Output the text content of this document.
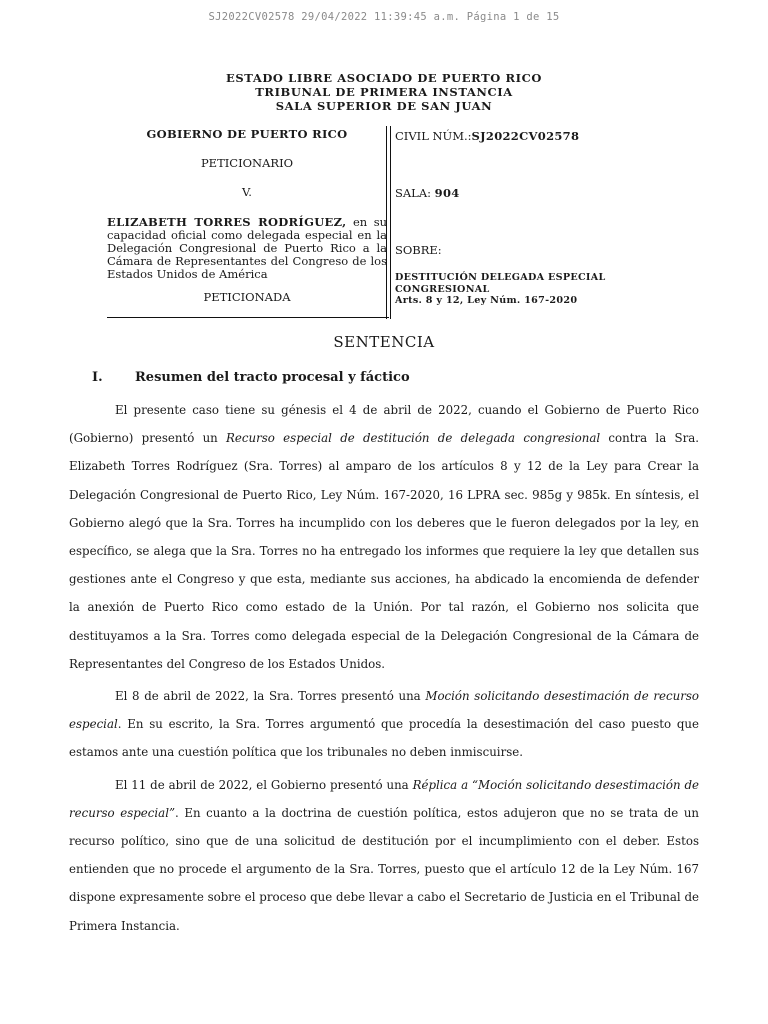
SJ2022CV02578 29/04/2022 11:39:45 a.m. Página 1 de 15
ESTADO LIBRE ASOCIADO DE PUERTO RICO
TRIBUNAL DE PRIMERA INSTANCIA
SALA SUPERIOR DE SAN JUAN
GOBIERNO DE PUERTO RICO
PETICIONARIO
V.
ELIZABETH TORRES RODRÍGUEZ, en su capacidad oficial como delegada especial en la Delegación Congresional de Puerto Rico a la Cámara de Representantes del Congreso de los Estados Unidos de América
PETICIONADA
CIVIL NÚM.:SJ2022CV02578
SALA: 904
SOBRE:
DESTITUCIÓN DELEGADA ESPECIAL
CONGRESIONAL
Arts. 8 y 12, Ley Núm. 167-2020
SENTENCIA
I. Resumen del tracto procesal y fáctico

El presente caso tiene su génesis el 4 de abril de 2022, cuando el Gobierno de Puerto Rico (Gobierno) presentó un Recurso especial de destitución de delegada congresional contra la Sra. Elizabeth Torres Rodríguez (Sra. Torres) al amparo de los artículos 8 y 12 de la Ley para Crear la Delegación Congresional de Puerto Rico, Ley Núm. 167-2020, 16 LPRA sec. 985g y 985k. En síntesis, el Gobierno alegó que la Sra. Torres ha incumplido con los deberes que le fueron delegados por la ley, en específico, se alega que la Sra. Torres no ha entregado los informes que requiere la ley que detallen sus gestiones ante el Congreso y que esta, mediante sus acciones, ha abdicado la encomienda de defender la anexión de Puerto Rico como estado de la Unión. Por tal razón, el Gobierno nos solicita que destituyamos a la Sra. Torres como delegada especial de la Delegación Congresional de la Cámara de Representantes del Congreso de los Estados Unidos.

El 8 de abril de 2022, la Sra. Torres presentó una Moción solicitando desestimación de recurso especial. En su escrito, la Sra. Torres argumentó que procedía la desestimación del caso puesto que estamos ante una cuestión política que los tribunales no deben inmiscuirse.

El 11 de abril de 2022, el Gobierno presentó una Réplica a “Moción solicitando desestimación de recurso especial”. En cuanto a la doctrina de cuestión política, estos adujeron que no se trata de un recurso político, sino que de una solicitud de destitución por el incumplimiento con el deber. Estos entienden que no procede el argumento de la Sra. Torres, puesto que el artículo 12 de la Ley Núm. 167 dispone expresamente sobre el proceso que debe llevar a cabo el Secretario de Justicia en el Tribunal de Primera Instancia.
